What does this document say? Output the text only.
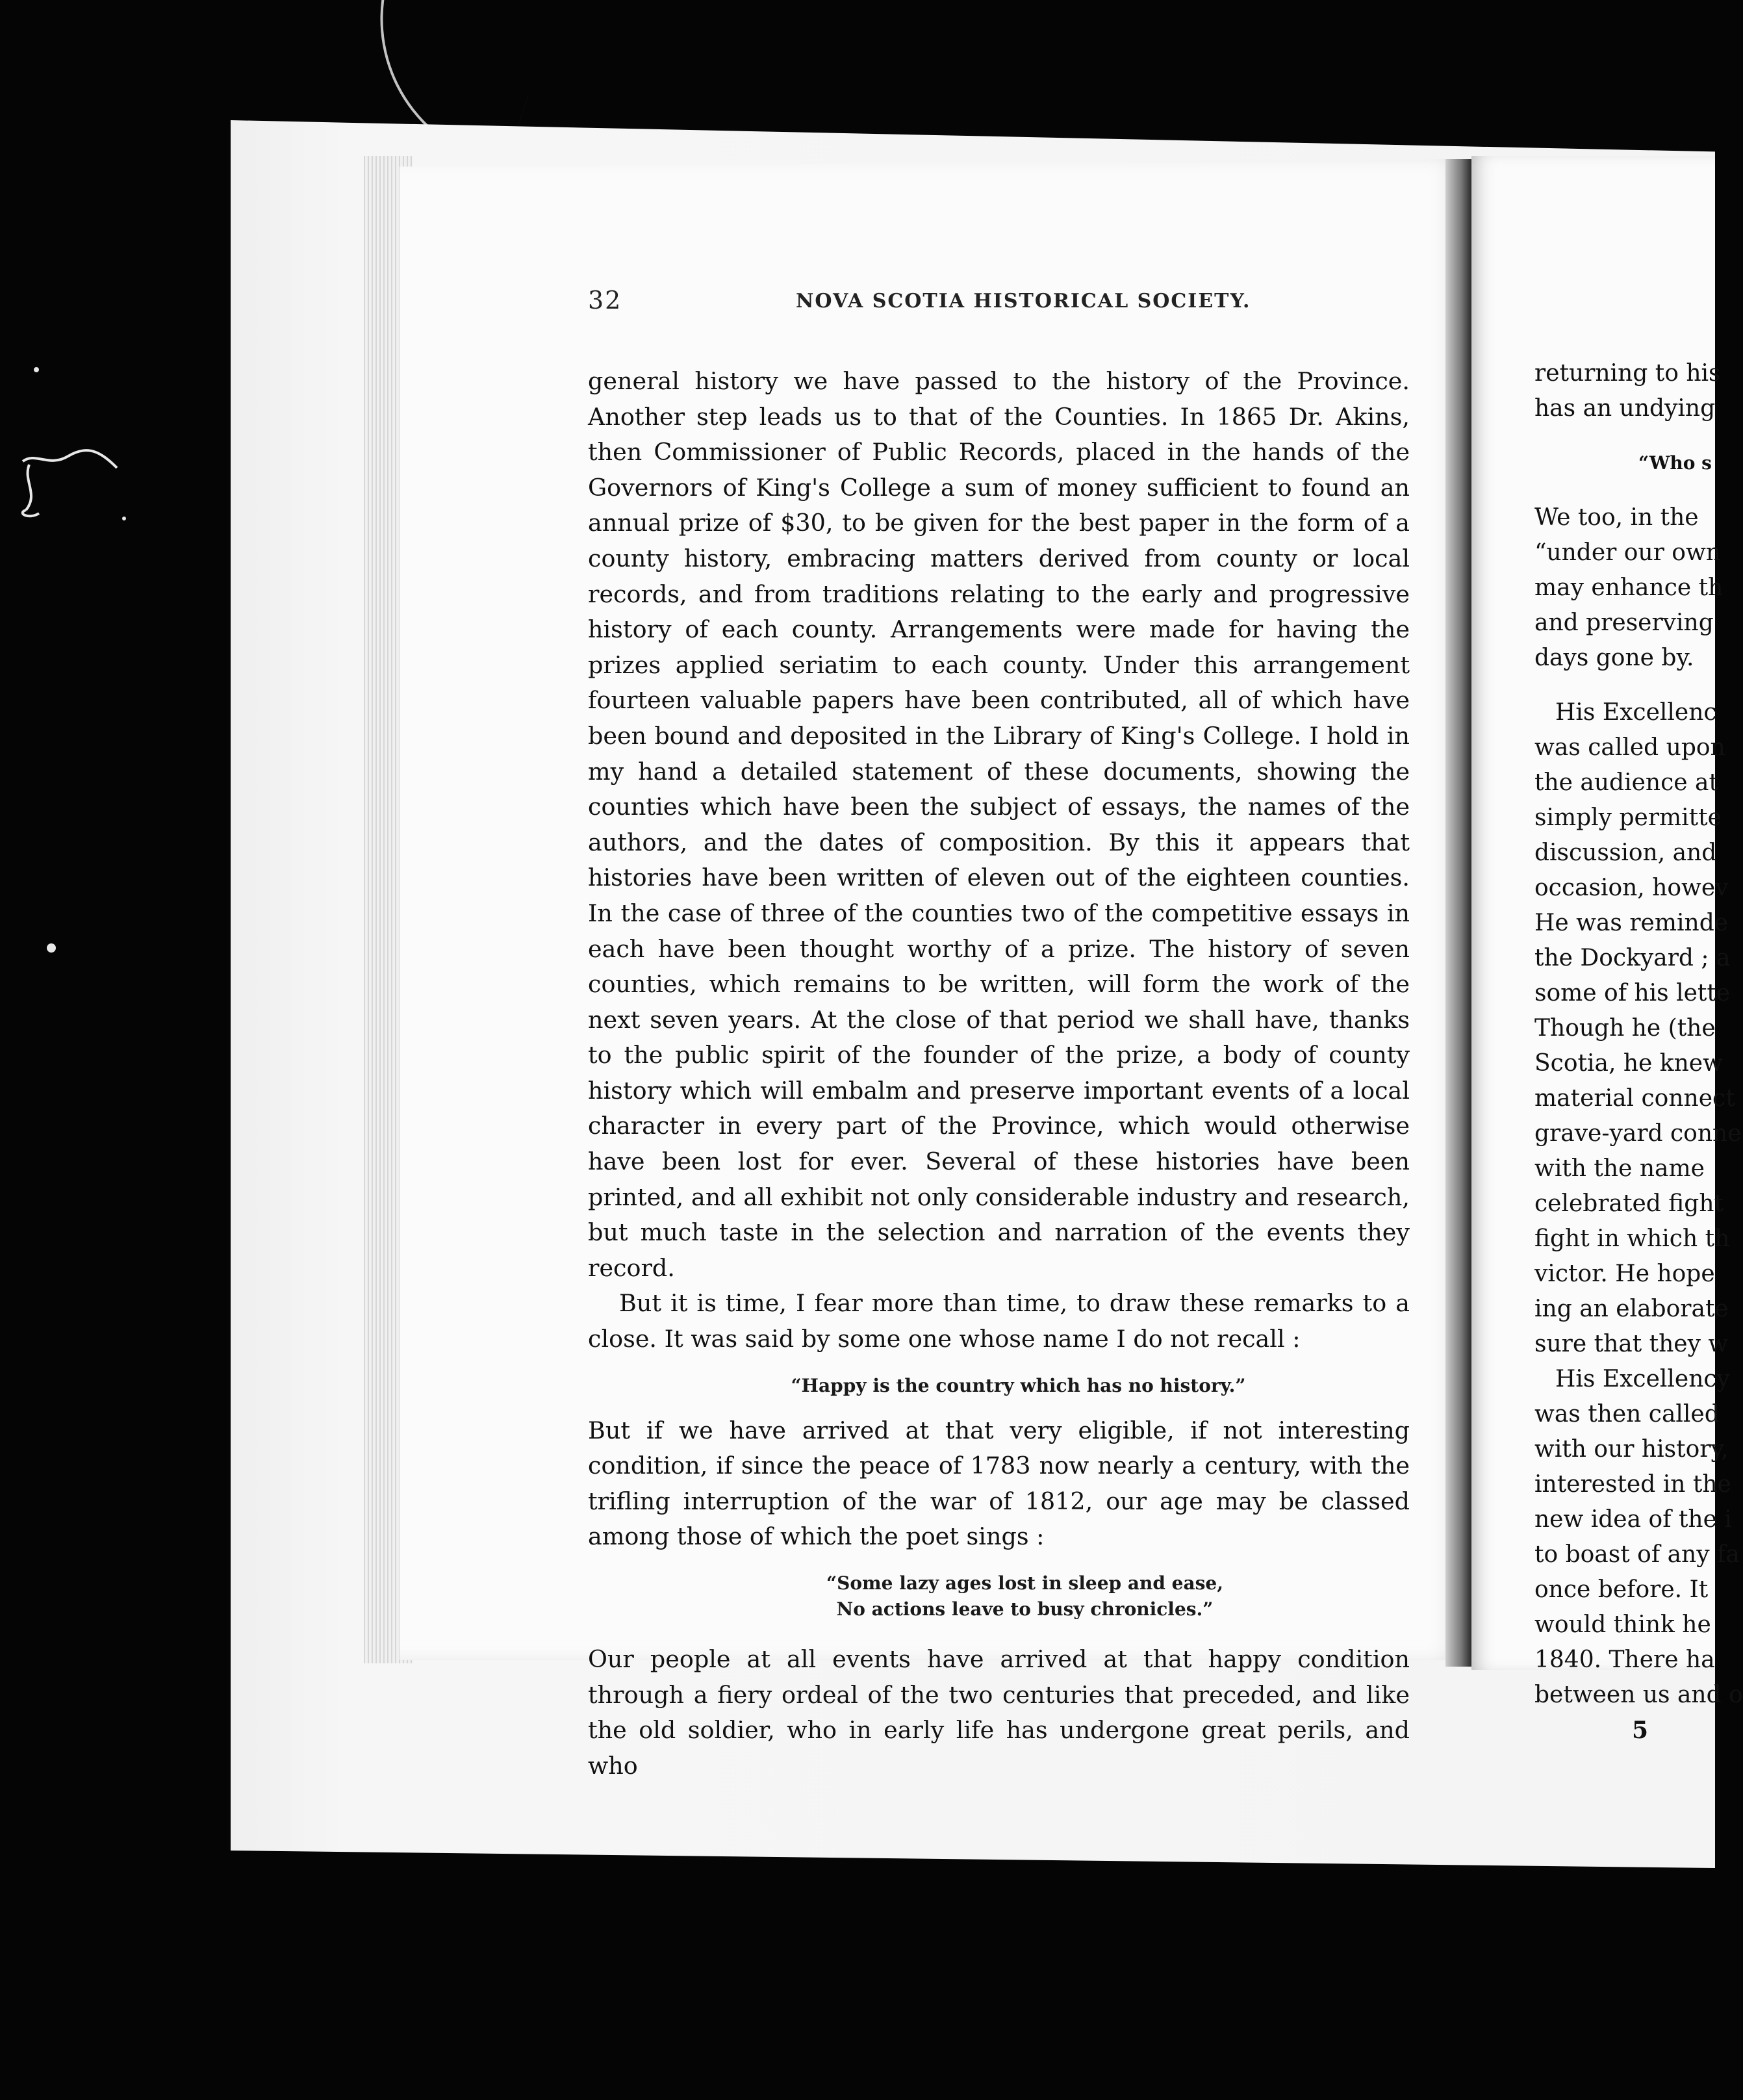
32	NOVA SCOTIA HISTORICAL SOCIETY.

general history we have passed to the history of the Province. Another step leads us to that of the Counties. In 1865 Dr. Akins, then Commissioner of Public Records, placed in the hands of the Governors of King's College a sum of money sufficient to found an annual prize of $30, to be given for the best paper in the form of a county history, embracing matters derived from county or local records, and from traditions relating to the early and progressive history of each county. Arrangements were made for having the prizes applied seriatim to each county. Under this arrangement fourteen valuable papers have been contributed, all of which have been bound and deposited in the Library of King's College. I hold in my hand a detailed statement of these documents, showing the counties which have been the subject of essays, the names of the authors, and the dates of composition. By this it appears that histories have been written of eleven out of the eighteen counties. In the case of three of the counties two of the competitive essays in each have been thought worthy of a prize. The history of seven counties, which remains to be written, will form the work of the next seven years. At the close of that period we shall have, thanks to the public spirit of the founder of the prize, a body of county history which will embalm and preserve important events of a local character in every part of the Province, which would otherwise have been lost for ever. Several of these histories have been printed, and all exhibit not only considerable industry and research, but much taste in the selection and narration of the events they record.

But it is time, I fear more than time, to draw these remarks to a close. It was said by some one whose name I do not recall :

“Happy is the country which has no history.”

But if we have arrived at that very eligible, if not interesting condition, if since the peace of 1783 now nearly a century, with the trifling interruption of the war of 1812, our age may be classed among those of which the poet sings :

“Some lazy ages lost in sleep and ease,
No actions leave to busy chronicles.”

Our people at all events have arrived at that happy condition through a fiery ordeal of the two centuries that preceded, and like the old soldier, who in early life has undergone great perils, and who

returning to his
has an undying
“Who s
We too, in the
“under our own
may enhance th
and preserving
days gone by.
His Excellenc
was called upon
the audience at
simply permitte
discussion, and
occasion, howev
He was reminde
the Dockyard ; a
some of his lette
Though he (the
Scotia, he knew
material connect
grave-yard conne
with the name
celebrated fight
fight in which th
victor. He hope
ing an elaborate
sure that they w
His Excellency
was then called
with our history,
interested in the
new idea of the i
to boast of any fa
once before. It
would think he
1840. There ha
between us and o
5
